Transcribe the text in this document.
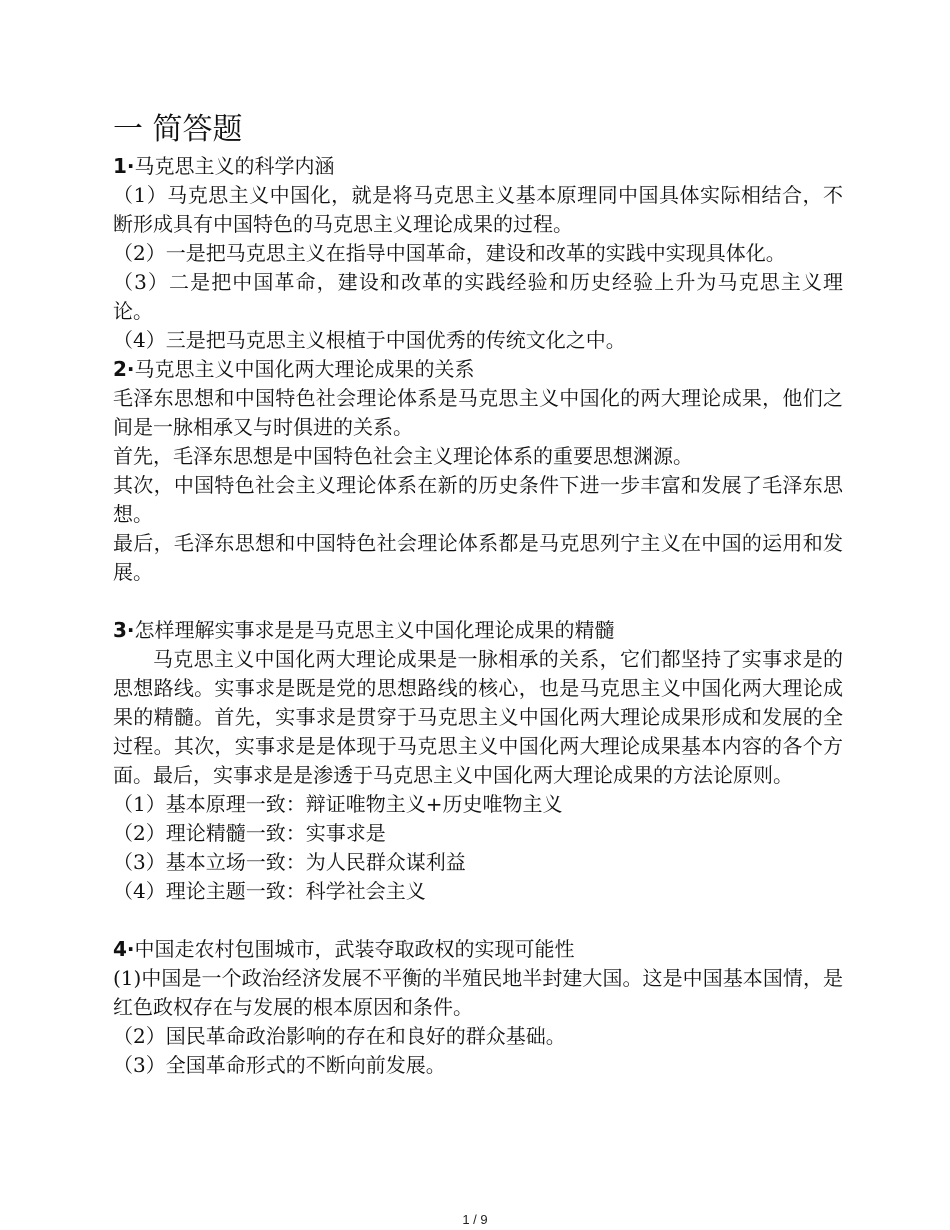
一 简答题

1·马克思主义的科学内涵

（1）马克思主义中国化，就是将马克思主义基本原理同中国具体实际相结合，不断形成具有中国特色的马克思主义理论成果的过程。

（2）一是把马克思主义在指导中国革命，建设和改革的实践中实现具体化。

（3）二是把中国革命，建设和改革的实践经验和历史经验上升为马克思主义理论。

（4）三是把马克思主义根植于中国优秀的传统文化之中。

2·马克思主义中国化两大理论成果的关系

毛泽东思想和中国特色社会理论体系是马克思主义中国化的两大理论成果，他们之间是一脉相承又与时俱进的关系。

首先，毛泽东思想是中国特色社会主义理论体系的重要思想渊源。

其次，中国特色社会主义理论体系在新的历史条件下进一步丰富和发展了毛泽东思想。

最后，毛泽东思想和中国特色社会理论体系都是马克思列宁主义在中国的运用和发展。

3·怎样理解实事求是是马克思主义中国化理论成果的精髓

马克思主义中国化两大理论成果是一脉相承的关系，它们都坚持了实事求是的思想路线。实事求是既是党的思想路线的核心，也是马克思主义中国化两大理论成果的精髓。首先，实事求是贯穿于马克思主义中国化两大理论成果形成和发展的全过程。其次，实事求是是体现于马克思主义中国化两大理论成果基本内容的各个方面。最后，实事求是是渗透于马克思主义中国化两大理论成果的方法论原则。

（1）基本原理一致：辩证唯物主义+历史唯物主义

（2）理论精髓一致：实事求是

（3）基本立场一致：为人民群众谋利益

（4）理论主题一致：科学社会主义

4·中国走农村包围城市，武装夺取政权的实现可能性

(1)中国是一个政治经济发展不平衡的半殖民地半封建大国。这是中国基本国情，是红色政权存在与发展的根本原因和条件。

（2）国民革命政治影响的存在和良好的群众基础。

（3）全国革命形式的不断向前发展。

1 / 9
